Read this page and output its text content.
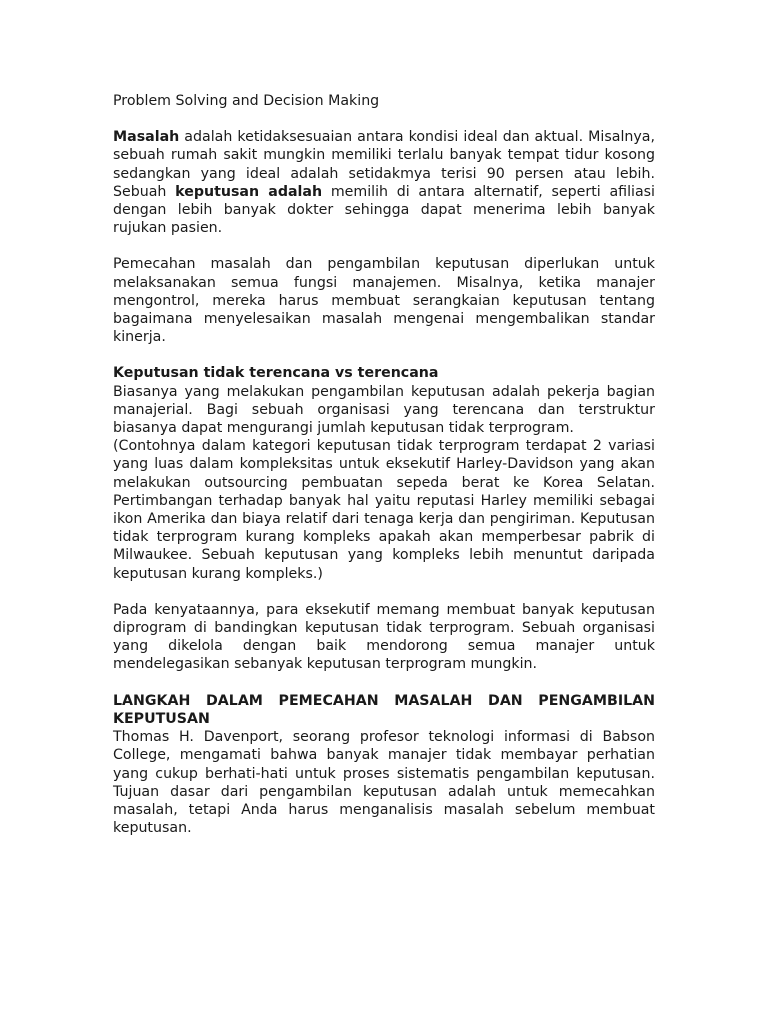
Problem Solving and Decision Making

Masalah adalah ketidaksesuaian antara kondisi ideal dan aktual. Misalnya, sebuah rumah sakit mungkin memiliki terlalu banyak tempat tidur kosong sedangkan yang ideal adalah setidakmya terisi 90 persen atau lebih. Sebuah keputusan adalah memilih di antara alternatif, seperti afiliasi dengan lebih banyak dokter sehingga dapat menerima lebih banyak rujukan pasien.

Pemecahan masalah dan pengambilan keputusan diperlukan untuk melaksanakan semua fungsi manajemen. Misalnya, ketika manajer mengontrol, mereka harus membuat serangkaian keputusan tentang bagaimana menyelesaikan masalah mengenai mengembalikan standar kinerja.

Keputusan tidak terencana vs terencana

Biasanya yang melakukan pengambilan keputusan adalah pekerja bagian manajerial. Bagi sebuah organisasi yang terencana dan terstruktur biasanya dapat mengurangi jumlah keputusan tidak terprogram.

(Contohnya dalam kategori keputusan tidak terprogram terdapat 2 variasi yang luas dalam kompleksitas untuk eksekutif Harley-Davidson yang akan melakukan outsourcing pembuatan sepeda berat ke Korea Selatan. Pertimbangan terhadap banyak hal yaitu reputasi Harley memiliki sebagai ikon Amerika dan biaya relatif dari tenaga kerja dan pengiriman. Keputusan tidak terprogram kurang kompleks apakah akan memperbesar pabrik di Milwaukee. Sebuah keputusan yang kompleks lebih menuntut daripada keputusan kurang kompleks.)

Pada kenyataannya, para eksekutif memang membuat banyak keputusan diprogram di bandingkan keputusan tidak terprogram. Sebuah organisasi yang dikelola dengan baik mendorong semua manajer untuk mendelegasikan sebanyak keputusan terprogram mungkin.

LANGKAH DALAM PEMECAHAN MASALAH DAN PENGAMBILAN KEPUTUSAN

Thomas H. Davenport, seorang profesor teknologi informasi di Babson College, mengamati bahwa banyak manajer tidak membayar perhatian yang cukup berhati-hati untuk proses sistematis pengambilan keputusan. Tujuan dasar dari pengambilan keputusan adalah untuk memecahkan masalah, tetapi Anda harus menganalisis masalah sebelum membuat keputusan.
